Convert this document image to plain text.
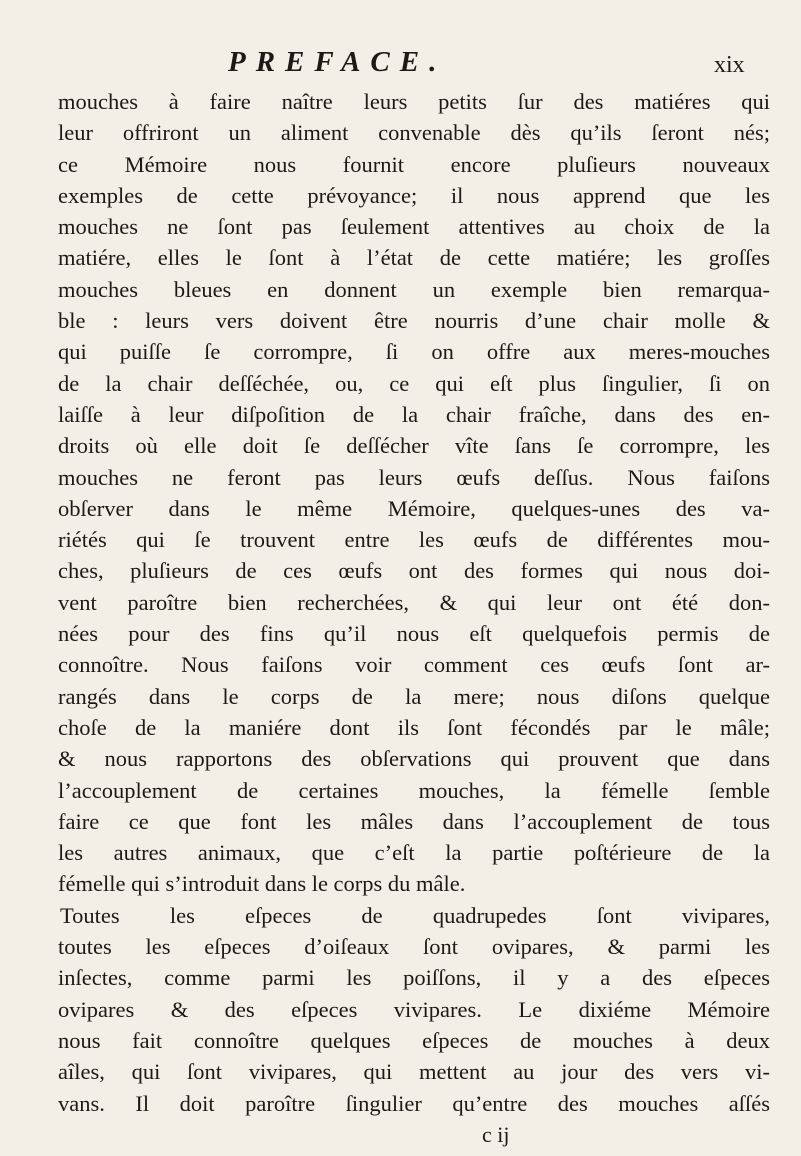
PREFACE.	xix
mouches à faire naître leurs petits ſur des matiéres qui
leur offriront un aliment convenable dès qu’ils ſeront nés;
ce Mémoire nous fournit encore pluſieurs nouveaux
exemples de cette prévoyance; il nous apprend que les
mouches ne ſont pas ſeulement attentives au choix de la
matiére, elles le ſont à l’état de cette matiére; les groſſes
mouches bleues en donnent un exemple bien remarqua-
ble : leurs vers doivent être nourris d’une chair molle &
qui puiſſe ſe corrompre, ſi on offre aux meres-mouches
de la chair deſſéchée, ou, ce qui eſt plus ſingulier, ſi on
laiſſe à leur diſpoſition de la chair fraîche, dans des en-
droits où elle doit ſe deſſécher vîte ſans ſe corrompre, les
mouches ne feront pas leurs œufs deſſus. Nous faiſons
obſerver dans le même Mémoire, quelques-unes des va-
riétés qui ſe trouvent entre les œufs de différentes mou-
ches, pluſieurs de ces œufs ont des formes qui nous doi-
vent paroître bien recherchées, & qui leur ont été don-
nées pour des fins qu’il nous eſt quelquefois permis de
connoître. Nous faiſons voir comment ces œufs ſont ar-
rangés dans le corps de la mere; nous diſons quelque
choſe de la maniére dont ils ſont fécondés par le mâle;
& nous rapportons des obſervations qui prouvent que dans
l’accouplement de certaines mouches, la fémelle ſemble
faire ce que font les mâles dans l’accouplement de tous
les autres animaux, que c’eſt la partie poſtérieure de la
fémelle qui s’introduit dans le corps du mâle.
Toutes les eſpeces de quadrupedes ſont vivipares,
toutes les eſpeces d’oiſeaux ſont ovipares, & parmi les
inſectes, comme parmi les poiſſons, il y a des eſpeces
ovipares & des eſpeces vivipares. Le dixiéme Mémoire
nous fait connoître quelques eſpeces de mouches à deux
aîles, qui ſont vivipares, qui mettent au jour des vers vi-
vans. Il doit paroître ſingulier qu’entre des mouches aſſés
c ij
